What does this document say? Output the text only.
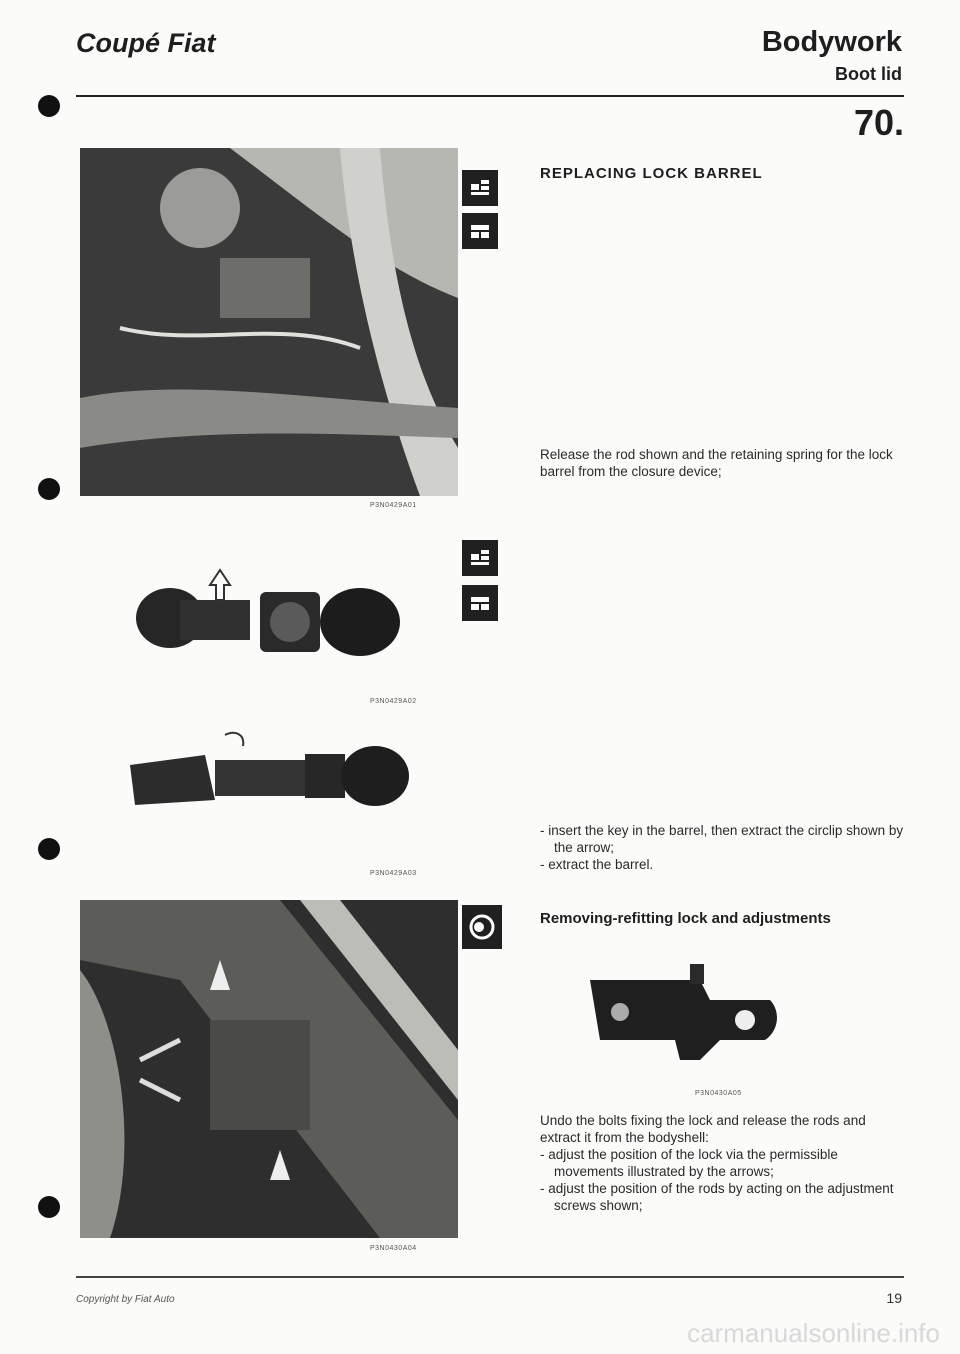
Coupé Fiat	Bodywork
Boot lid
70.
P3N0429A01
P3N0429A02
P3N0429A03
P3N0430A04
REPLACING LOCK BARREL
Release the rod shown and the retaining spring for the lock barrel from the closure device;
- insert the key in the barrel, then extract the circlip shown by the arrow;
- extract the barrel.
Removing-refitting lock and adjustments
P3N0430A05
Undo the bolts fixing the lock and release the rods and extract it from the bodyshell:
- adjust the position of the lock via the permissible movements illustrated by the arrows;
- adjust the position of the rods by acting on the adjustment screws shown;
Copyright by Fiat Auto	19
carmanualsonline.info
